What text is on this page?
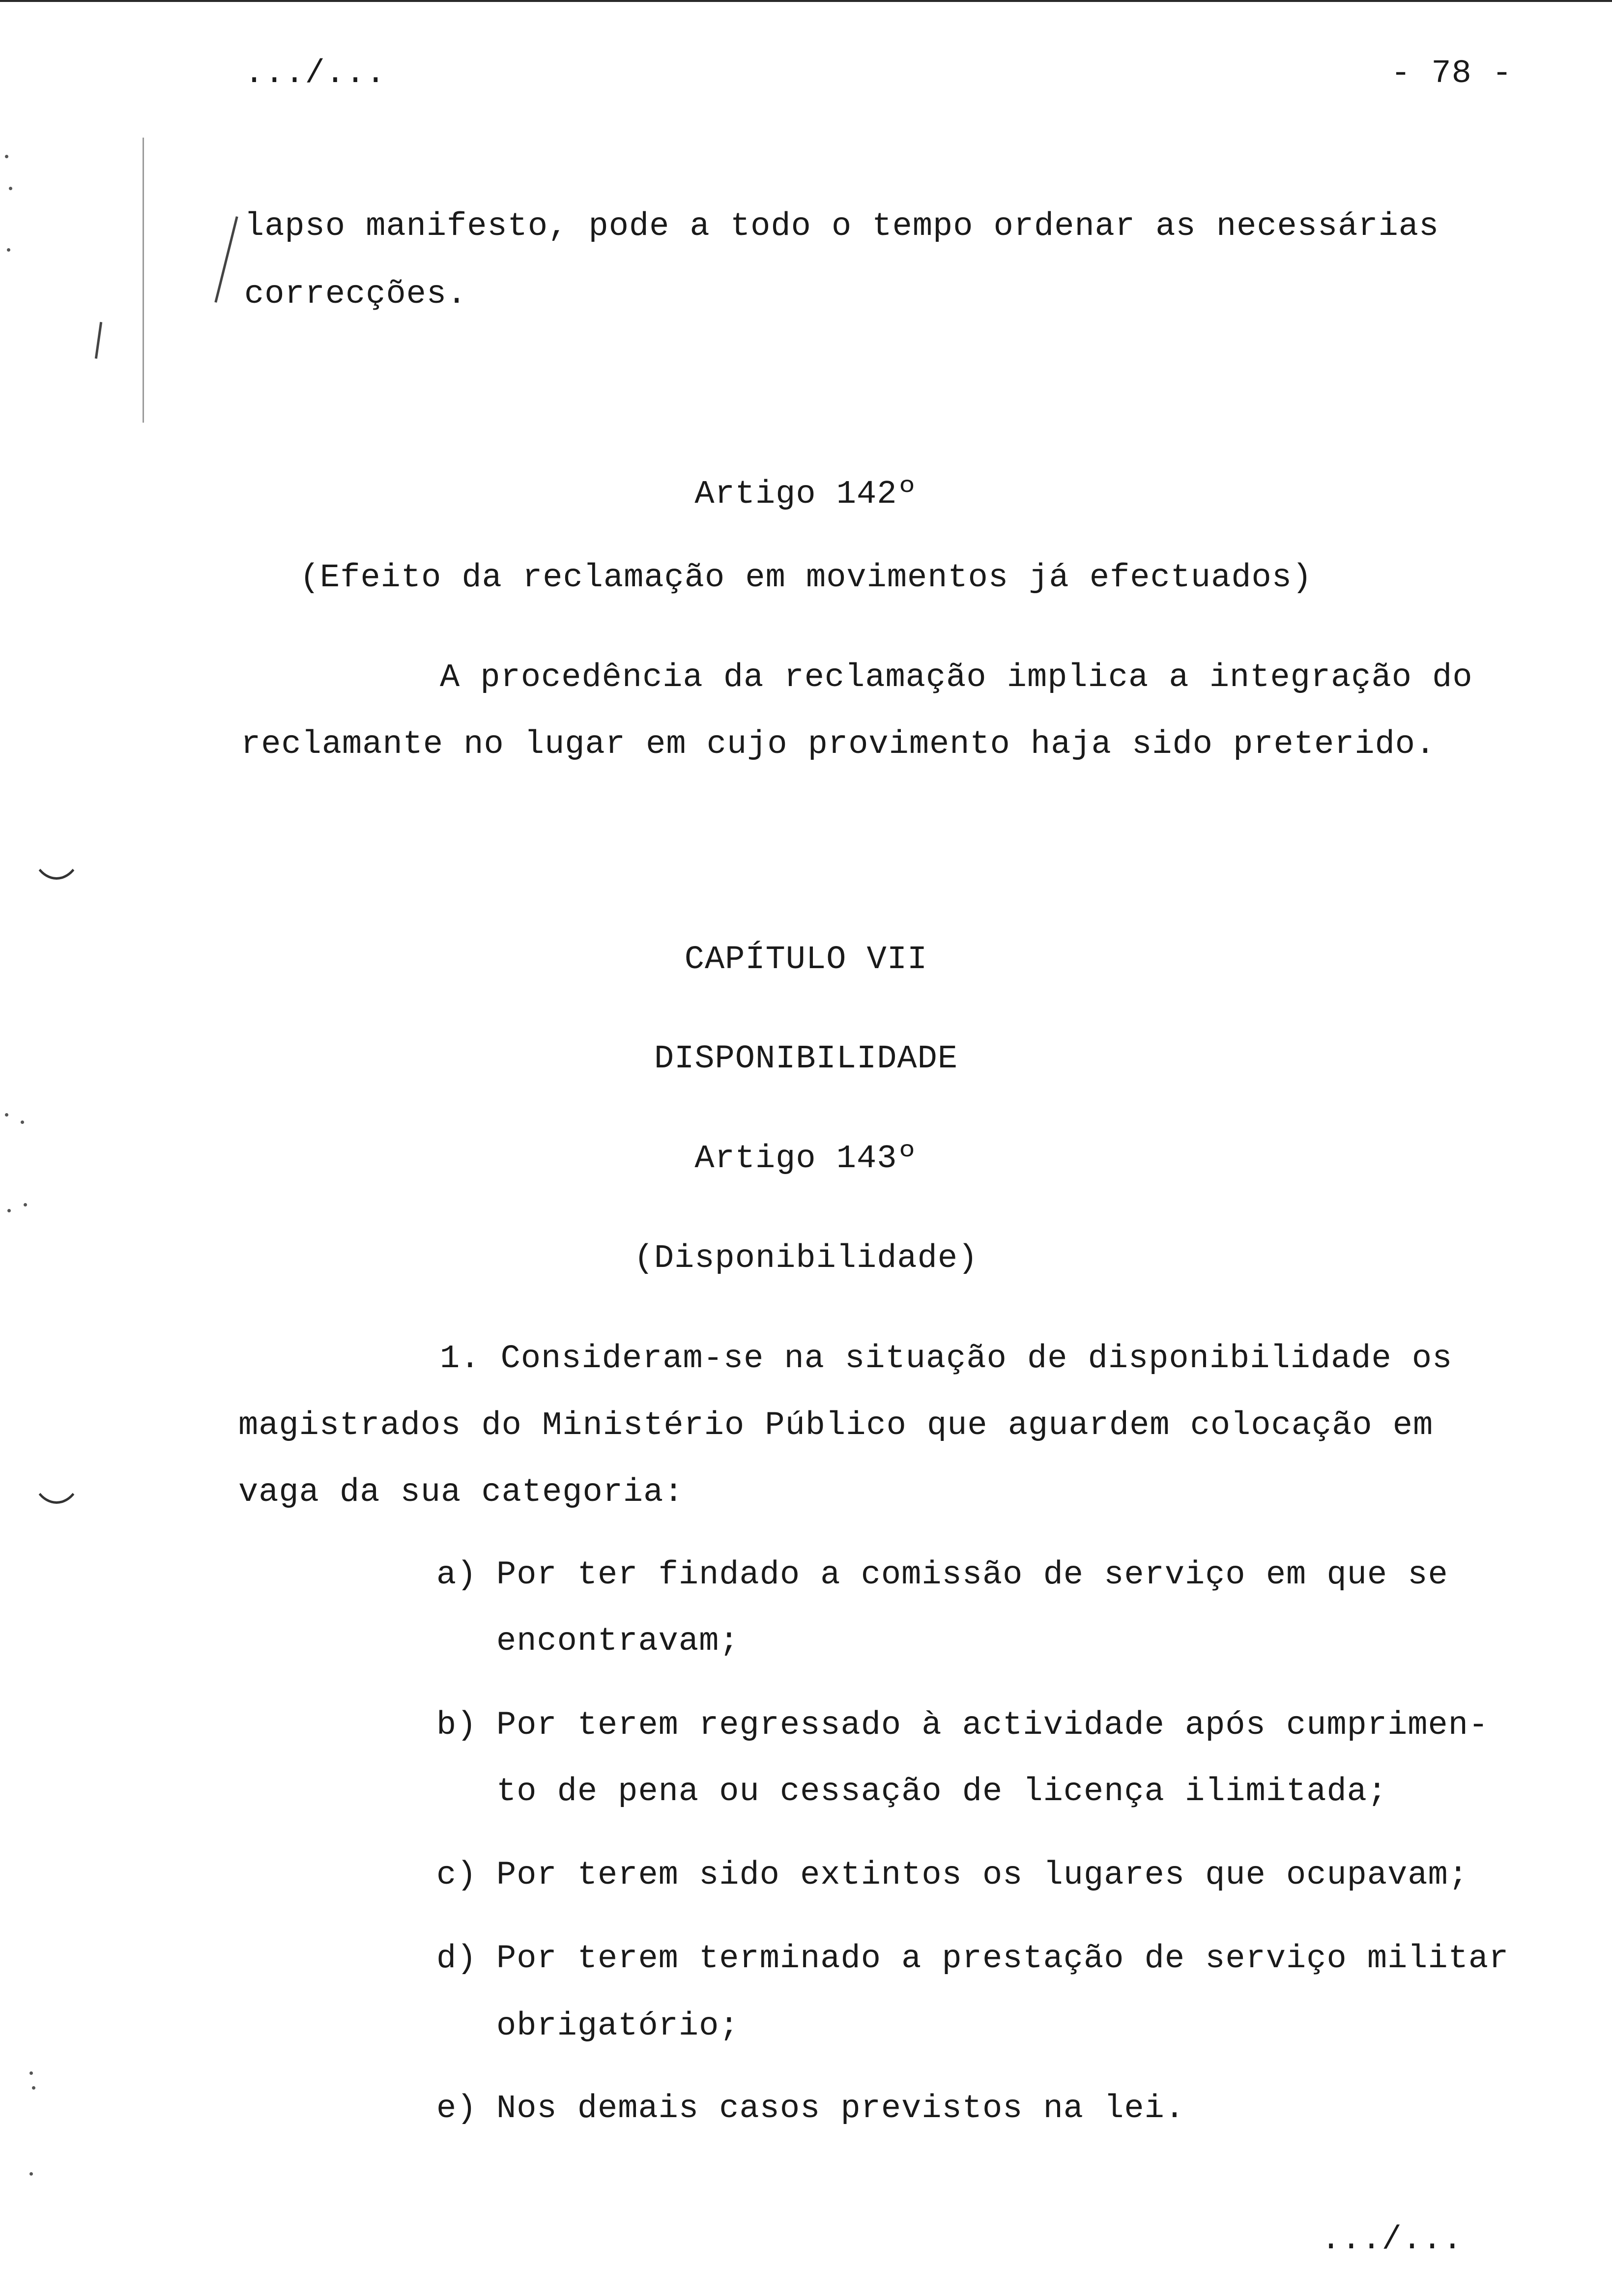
.../...	- 78 -
lapso manifesto, pode a todo o tempo ordenar as necessárias
correcções.
Artigo 142º
(Efeito da reclamação em movimentos já efectuados)
A procedência da reclamação implica a integração do
reclamante no lugar em cujo provimento haja sido preterido.
CAPÍTULO VII
DISPONIBILIDADE
Artigo 143º
(Disponibilidade)
1. Consideram-se na situação de disponibilidade os
magistrados do Ministério Público que aguardem colocação em
vaga da sua categoria:
a) Por ter findado a comissão de serviço em que se
encontravam;
b) Por terem regressado à actividade após cumprimen-
to de pena ou cessação de licença ilimitada;
c) Por terem sido extintos os lugares que ocupavam;
d) Por terem terminado a prestação de serviço militar
obrigatório;
e) Nos demais casos previstos na lei.
.../...
